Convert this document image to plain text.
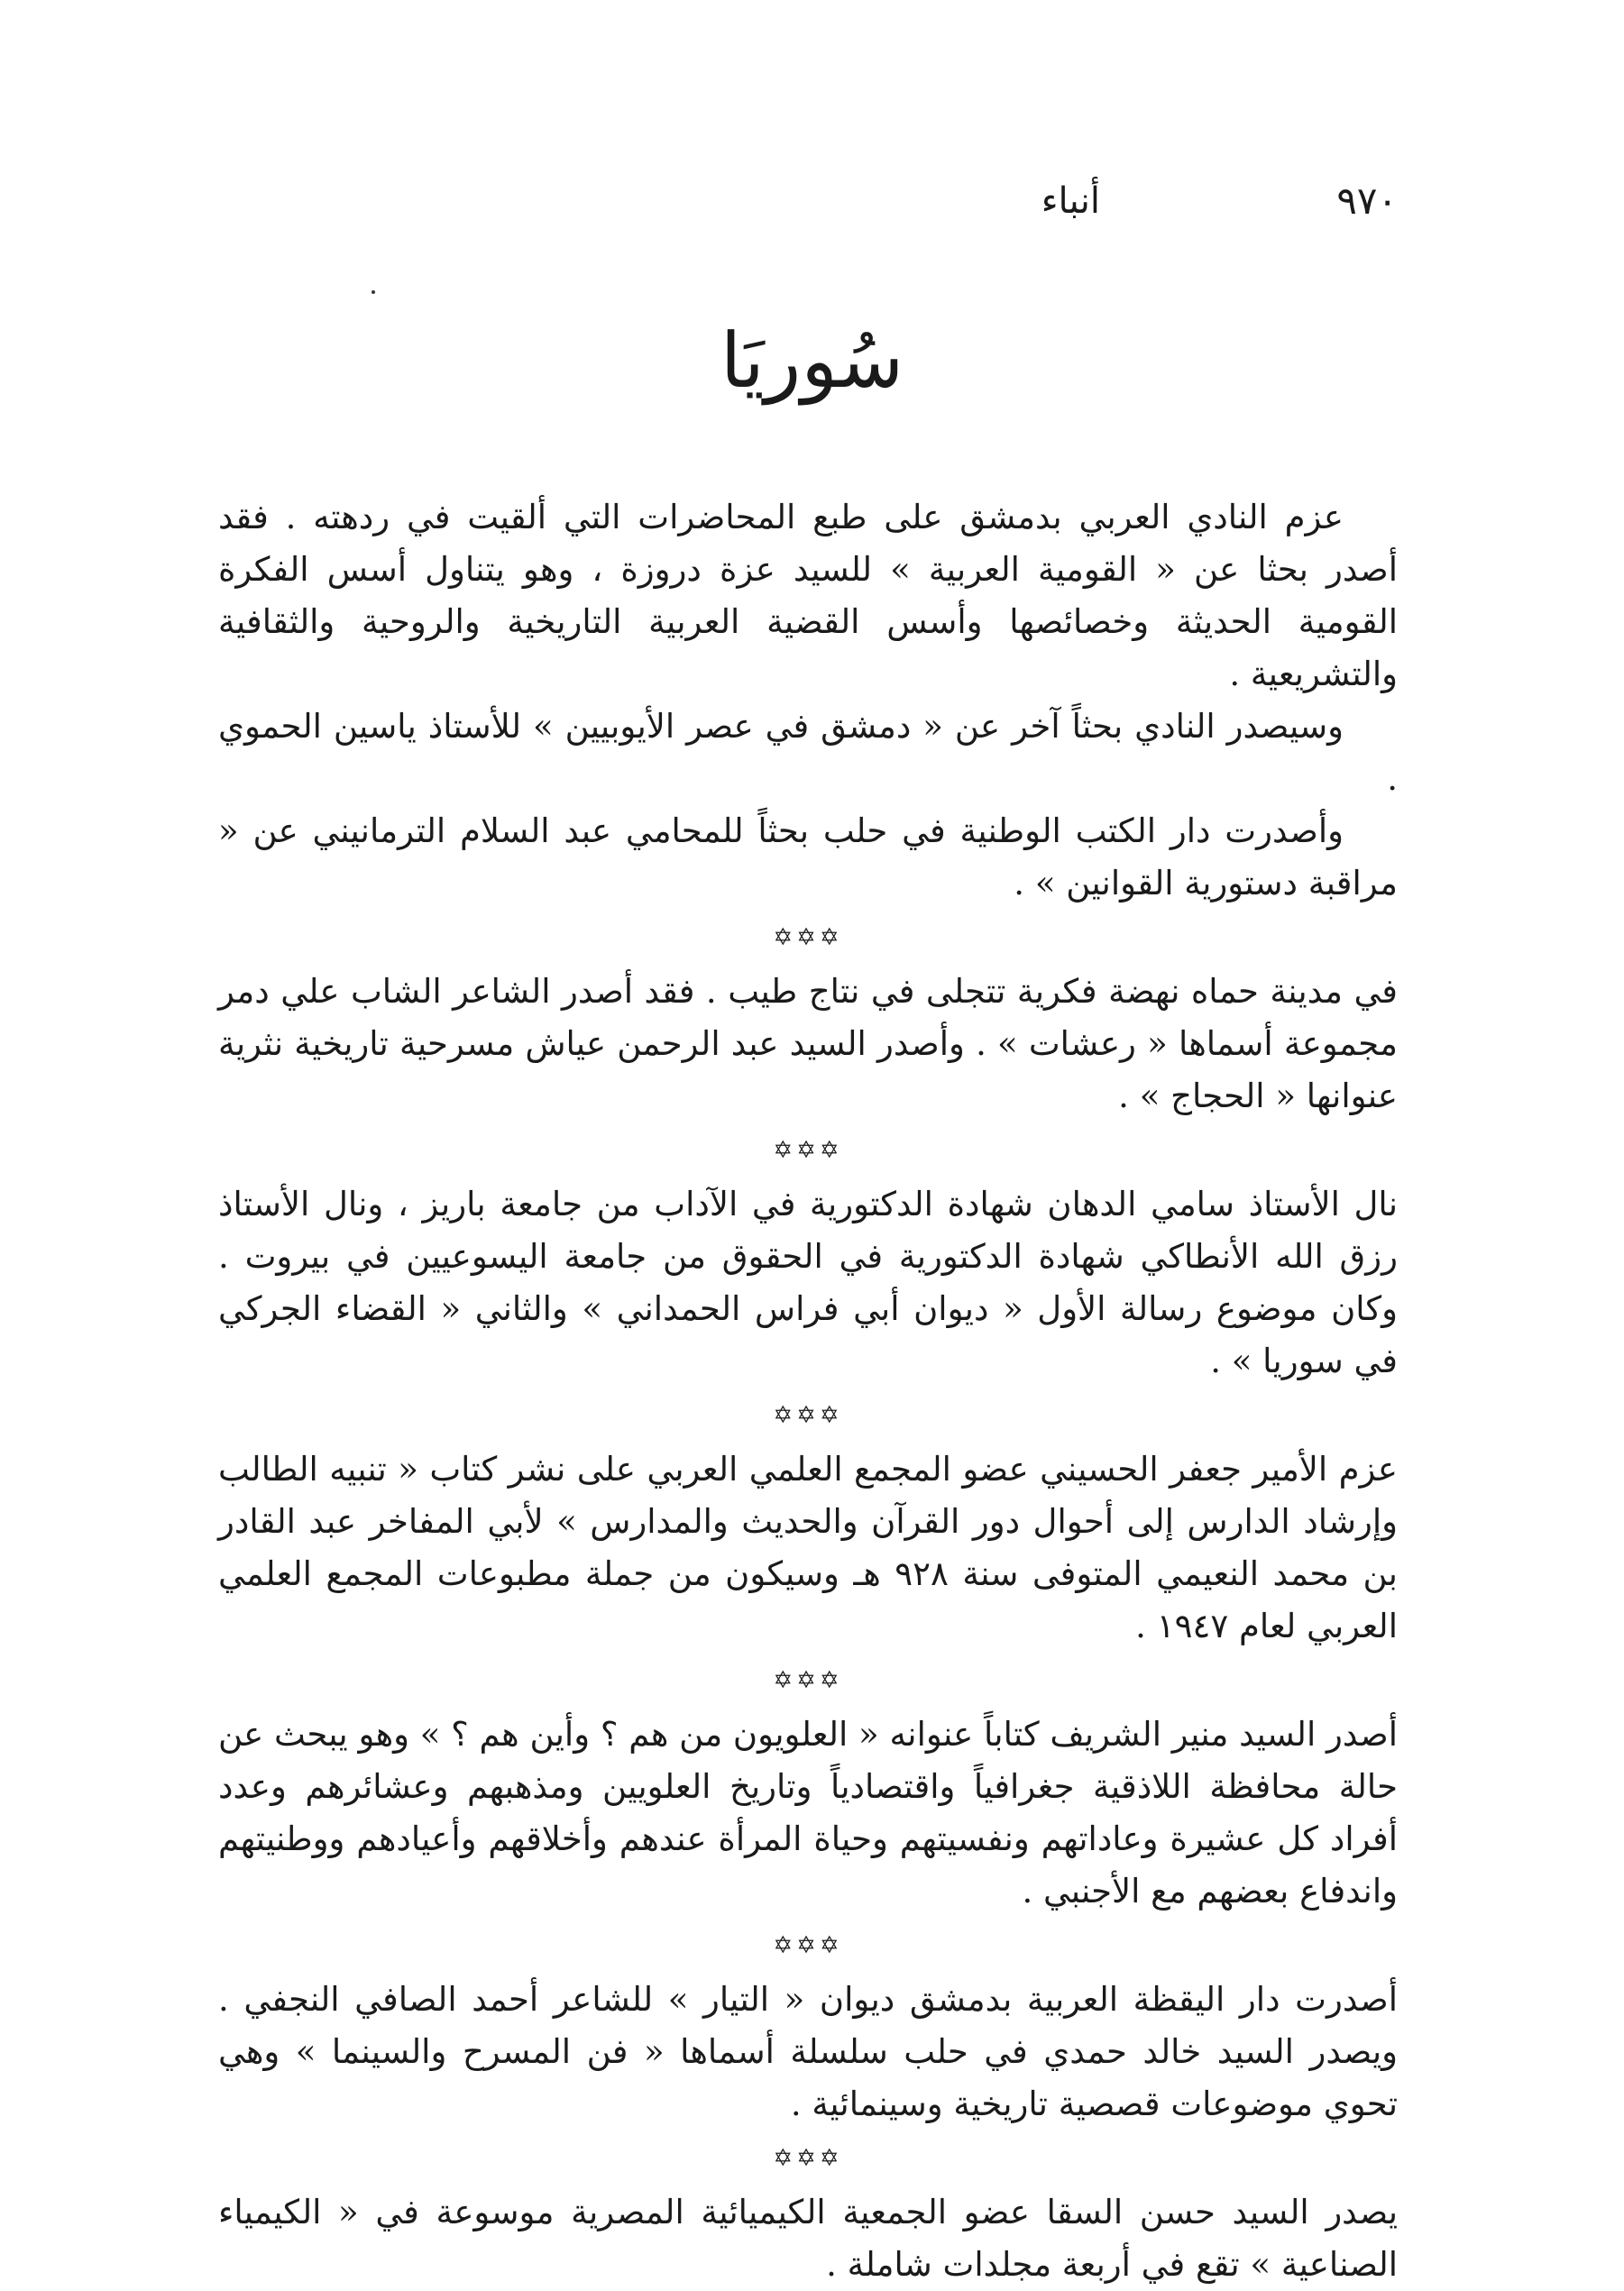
٩٧٠
أنباء
سُوريَا

عزم النادي العربي بدمشق على طبع المحاضرات التي ألقيت في ردهته . فقد أصدر بحثا عن « القومية العربية » للسيد عزة دروزة ، وهو يتناول أسس الفكرة القومية الحديثة وخصائصها وأسس القضية العربية التاريخية والروحية والثقافية والتشريعية .

وسيصدر النادي بحثاً آخر عن « دمشق في عصر الأيوبيين » للأستاذ ياسين الحموي .

وأصدرت دار الكتب الوطنية في حلب بحثاً للمحامي عبد السلام الترمانيني عن « مراقبة دستورية القوانين » .

✡✡✡

في مدينة حماه نهضة فكرية تتجلى في نتاج طيب . فقد أصدر الشاعر الشاب علي دمر مجموعة أسماها « رعشات » . وأصدر السيد عبد الرحمن عياش مسرحية تاريخية نثرية عنوانها « الحجاج » .

✡✡✡

نال الأستاذ سامي الدهان شهادة الدكتورية في الآداب من جامعة باريز ، ونال الأستاذ رزق الله الأنطاكي شهادة الدكتورية في الحقوق من جامعة اليسوعيين في بيروت . وكان موضوع رسالة الأول « ديوان أبي فراس الحمداني » والثاني « القضاء الجركي في سوريا » .

✡✡✡

عزم الأمير جعفر الحسيني عضو المجمع العلمي العربي على نشر كتاب « تنبيه الطالب وإرشاد الدارس إلى أحوال دور القرآن والحديث والمدارس » لأبي المفاخر عبد القادر بن محمد النعيمي المتوفى سنة ٩٢٨ هـ وسيكون من جملة مطبوعات المجمع العلمي العربي لعام ١٩٤٧ .

✡✡✡

أصدر السيد منير الشريف كتاباً عنوانه « العلويون من هم ؟ وأين هم ؟ » وهو يبحث عن حالة محافظة اللاذقية جغرافياً واقتصادياً وتاريخ العلويين ومذهبهم وعشائرهم وعدد أفراد كل عشيرة وعاداتهم ونفسيتهم وحياة المرأة عندهم وأخلاقهم وأعيادهم ووطنيتهم واندفاع بعضهم مع الأجنبي .

✡✡✡

أصدرت دار اليقظة العربية بدمشق ديوان « التيار » للشاعر أحمد الصافي النجفي . ويصدر السيد خالد حمدي في حلب سلسلة أسماها « فن المسرح والسينما » وهي تحوي موضوعات قصصية تاريخية وسينمائية .

✡✡✡

يصدر السيد حسن السقا عضو الجمعية الكيميائية المصرية موسوعة في « الكيمياء الصناعية » تقع في أربعة مجلدات شاملة .
